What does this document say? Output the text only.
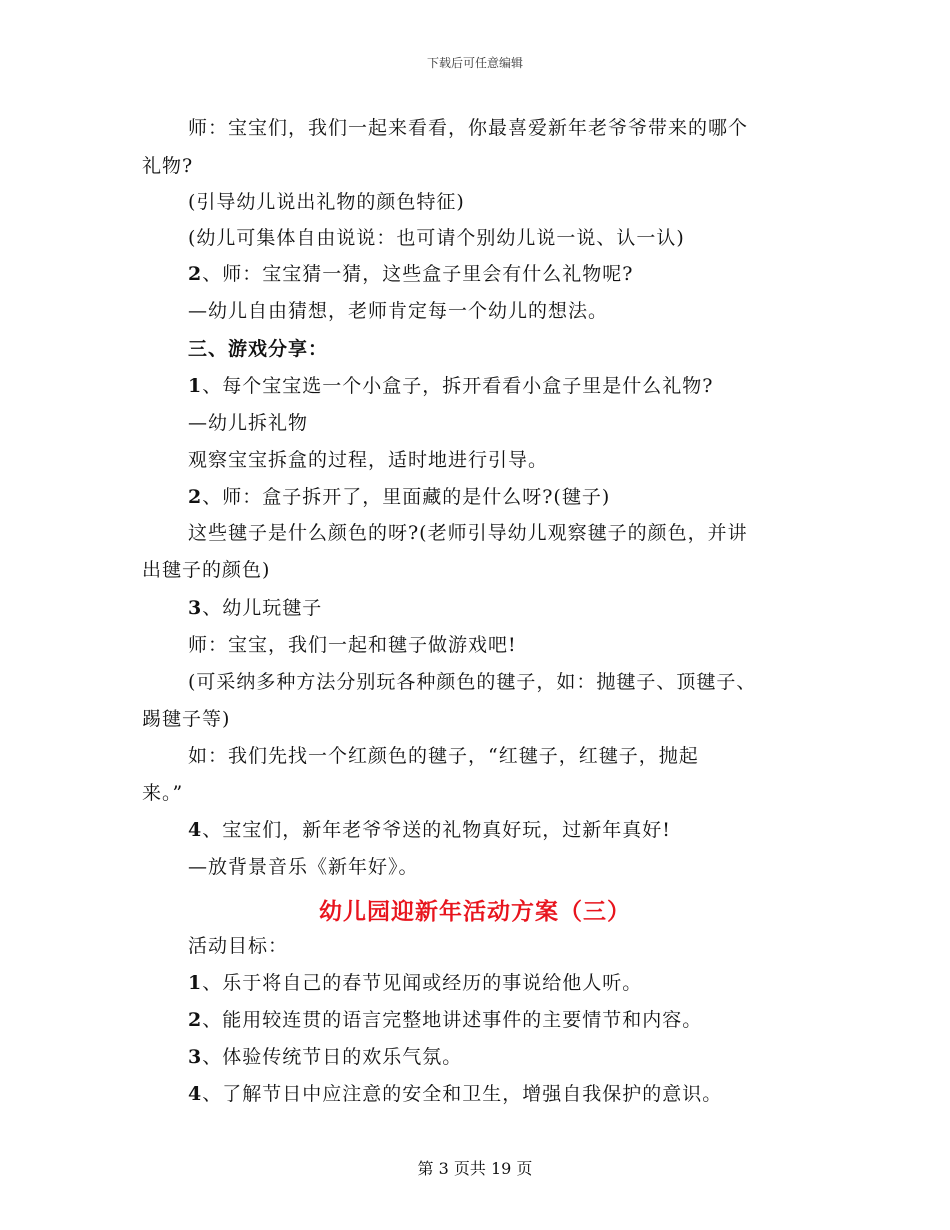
下载后可任意编辑
师：宝宝们，我们一起来看看，你最喜爱新年老爷爷带来的哪个
礼物?
(引导幼儿说出礼物的颜色特征)
(幼儿可集体自由说说：也可请个别幼儿说一说、认一认)
2、师：宝宝猜一猜，这些盒子里会有什么礼物呢?
—幼儿自由猜想，老师肯定每一个幼儿的想法。
三、游戏分享：
1、每个宝宝选一个小盒子，拆开看看小盒子里是什么礼物?
—幼儿拆礼物
观察宝宝拆盒的过程，适时地进行引导。
2、师：盒子拆开了，里面藏的是什么呀?(毽子)
这些毽子是什么颜色的呀?(老师引导幼儿观察毽子的颜色，并讲
出毽子的颜色)
3、幼儿玩毽子
师：宝宝，我们一起和毽子做游戏吧!
(可采纳多种方法分别玩各种颜色的毽子，如：抛毽子、顶毽子、
踢毽子等)
如：我们先找一个红颜色的毽子，“红毽子，红毽子，抛起
来。”
4、宝宝们，新年老爷爷送的礼物真好玩，过新年真好!
—放背景音乐《新年好》。
幼儿园迎新年活动方案（三）
活动目标：
1、乐于将自己的春节见闻或经历的事说给他人听。
2、能用较连贯的语言完整地讲述事件的主要情节和内容。
3、体验传统节日的欢乐气氛。
4、了解节日中应注意的安全和卫生，增强自我保护的意识。
第 3 页共 19 页
